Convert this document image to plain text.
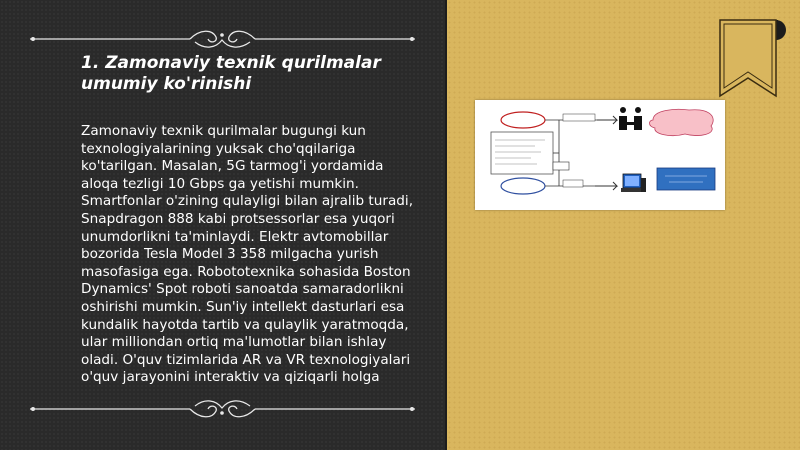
1. Zamonaviy texnik qurilmalar umumiy ko'rinishi

Zamonaviy texnik qurilmalar bugungi kun texnologiyalarining yuksak cho'qqilariga ko'tarilgan. Masalan, 5G tarmog'i yordamida aloqa tezligi 10 Gbps ga yetishi mumkin. Smartfonlar o'zining qulayligi bilan ajralib turadi, Snapdragon 888 kabi protsessorlar esa yuqori unumdorlikni ta'minlaydi. Elektr avtomobillar bozorida Tesla Model 3 358 milgacha yurish masofasiga ega. Robototexnika sohasida Boston Dynamics' Spot roboti sanoatda samaradorlikni oshirishi mumkin. Sun'iy intellekt dasturlari esa kundalik hayotda tartib va qulaylik yaratmoqda, ular milliondan ortiq ma'lumotlar bilan ishlay oladi. O'quv tizimlarida AR va VR texnologiyalari o'quv jarayonini interaktiv va qiziqarli holga
